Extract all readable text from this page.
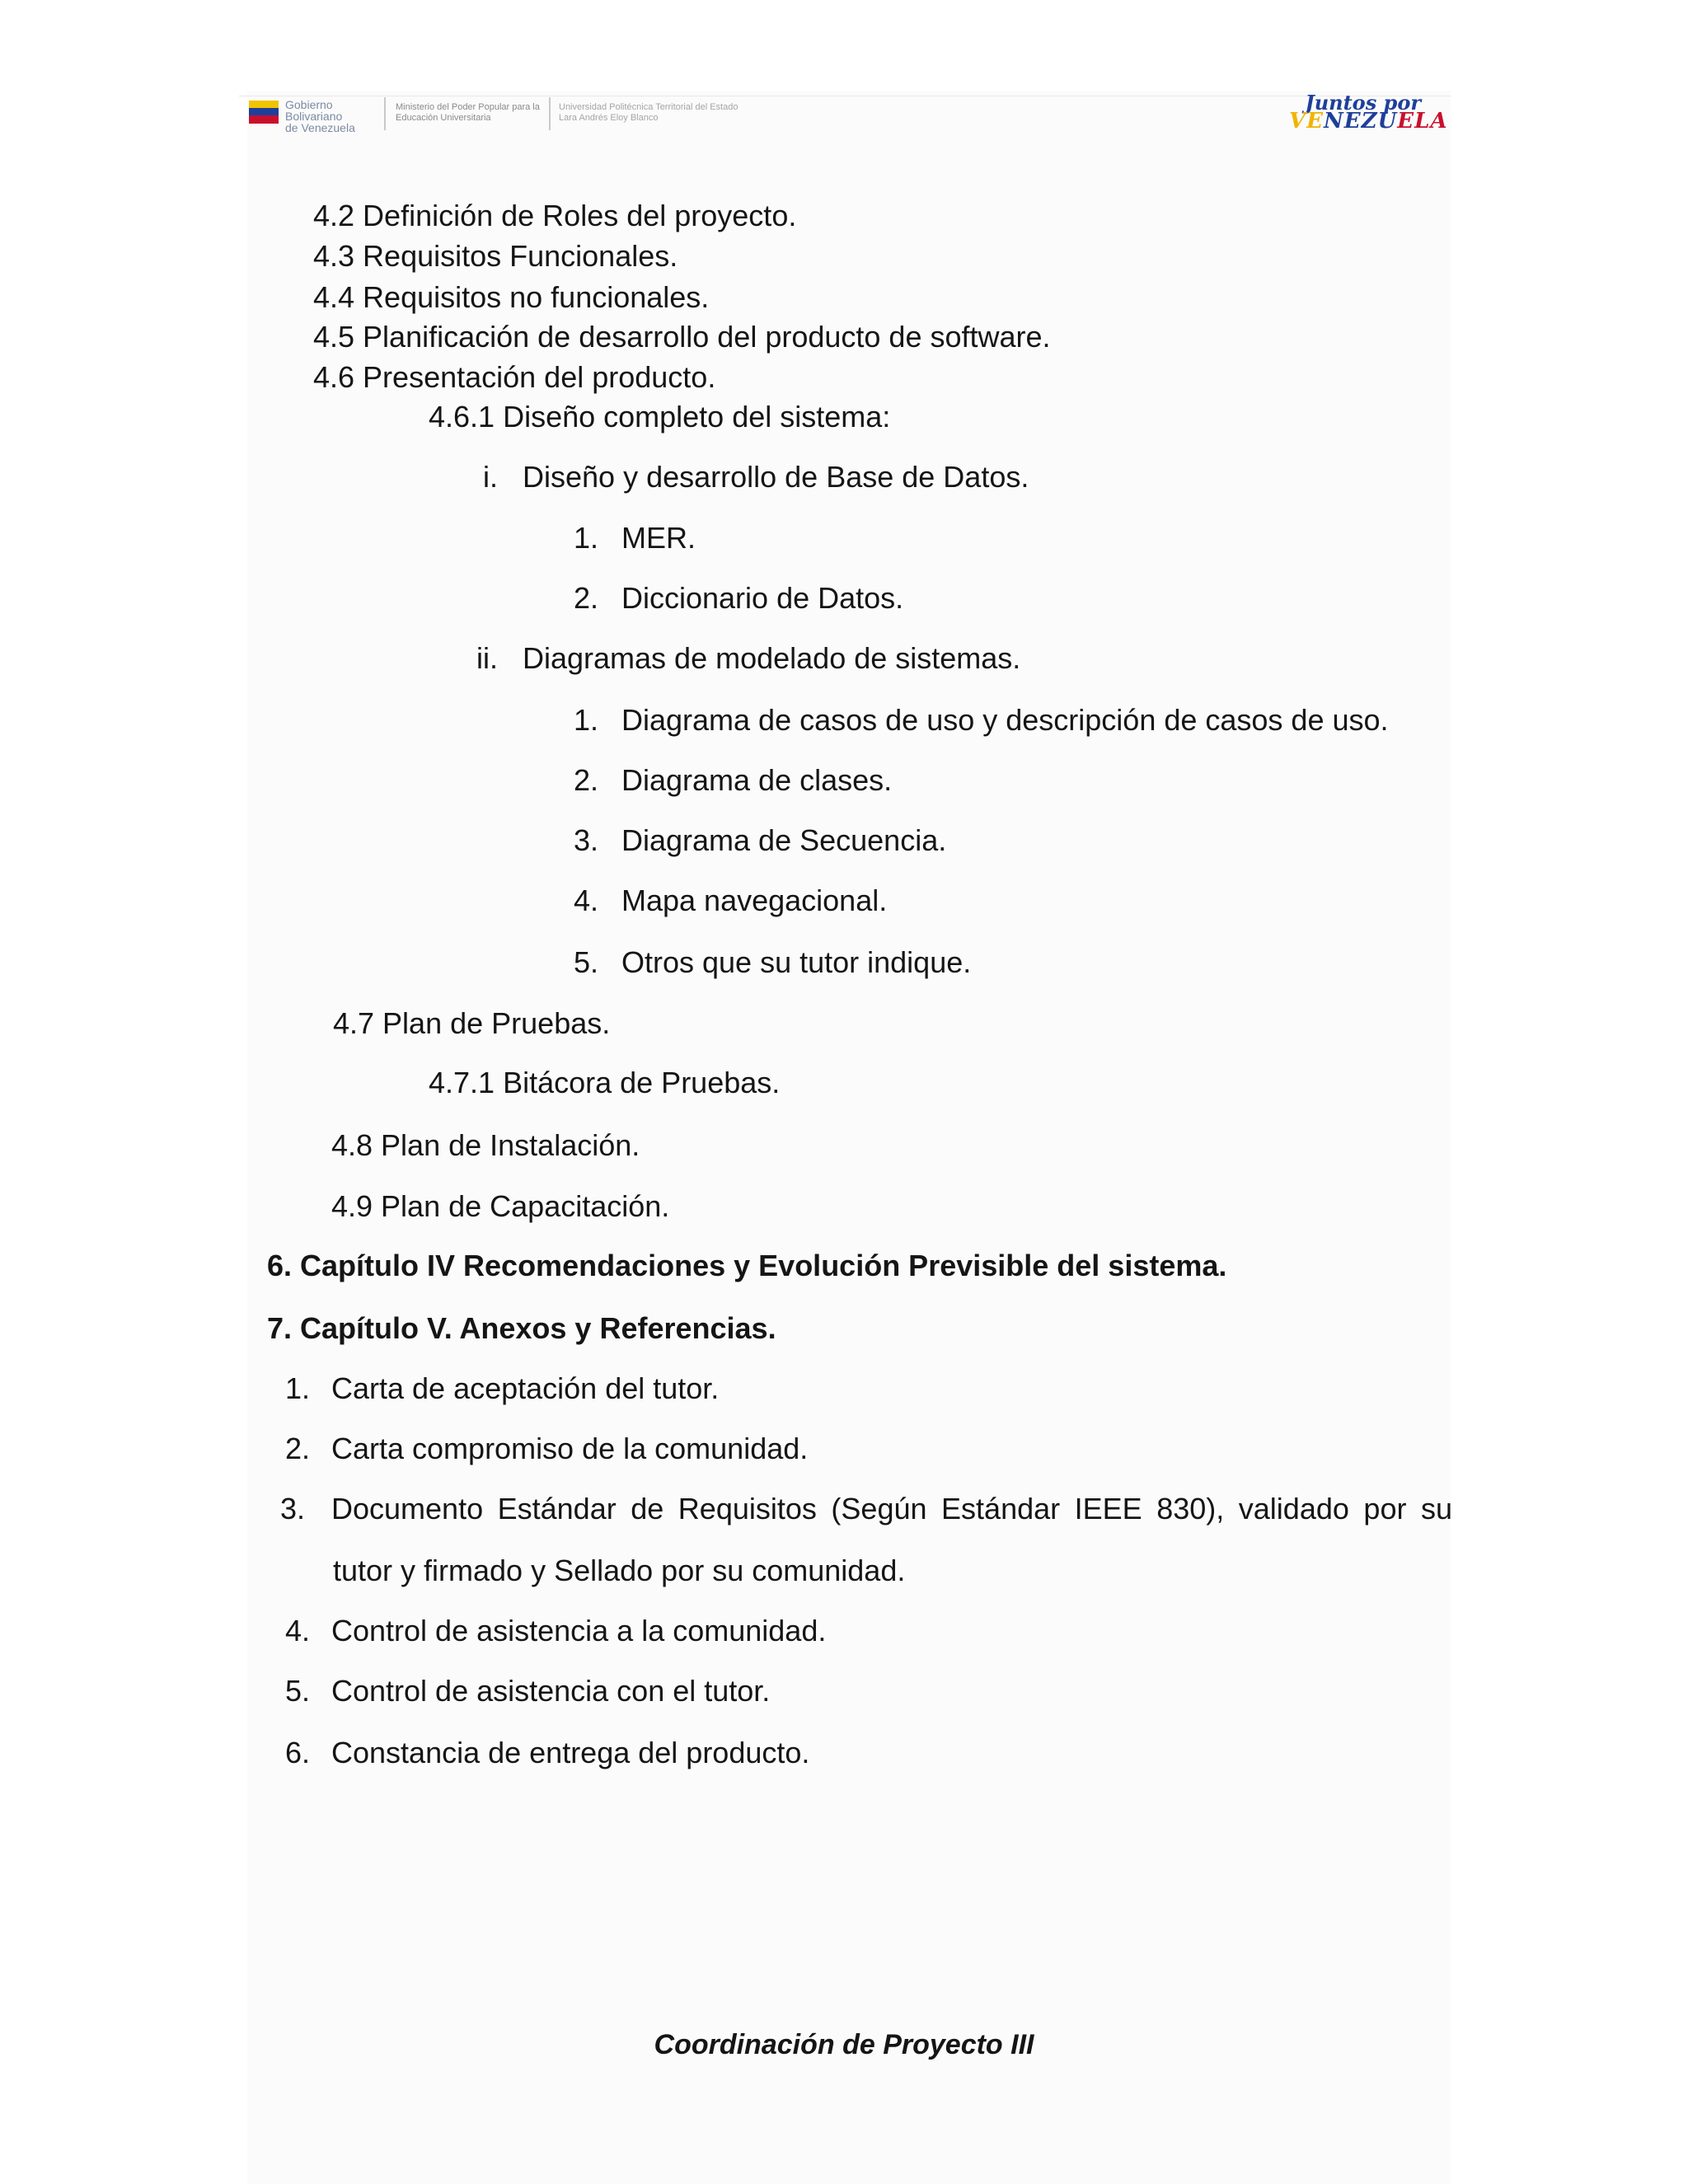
Gobierno
Bolivariano
de Venezuela
Ministerio del Poder Popular para la Educación Universitaria
Universidad Politécnica Territorial del Estado Lara Andrés Eloy Blanco
Juntos por
VENEZUELA
4.2 Definición de Roles del proyecto.
4.3 Requisitos Funcionales.
4.4 Requisitos no funcionales.
4.5 Planificación de desarrollo del producto de software.
4.6 Presentación del producto.
4.6.1 Diseño completo del sistema:
i. Diseño y desarrollo de Base de Datos.
1. MER.
2. Diccionario de Datos.
ii. Diagramas de modelado de sistemas.
1. Diagrama de casos de uso y descripción de casos de uso.
2. Diagrama de clases.
3. Diagrama de Secuencia.
4. Mapa navegacional.
5. Otros que su tutor indique.
4.7 Plan de Pruebas.
4.7.1 Bitácora de Pruebas.
4.8 Plan de Instalación.
4.9 Plan de Capacitación.
6. Capítulo IV Recomendaciones y Evolución Previsible del sistema.
7. Capítulo V. Anexos y Referencias.
1. Carta de aceptación del tutor.
2. Carta compromiso de la comunidad.
3. Documento Estándar de Requisitos (Según Estándar IEEE 830), validado por su
tutor y firmado y Sellado por su comunidad.
4. Control de asistencia a la comunidad.
5. Control de asistencia con el tutor.
6. Constancia de entrega del producto.
Coordinación de Proyecto III
